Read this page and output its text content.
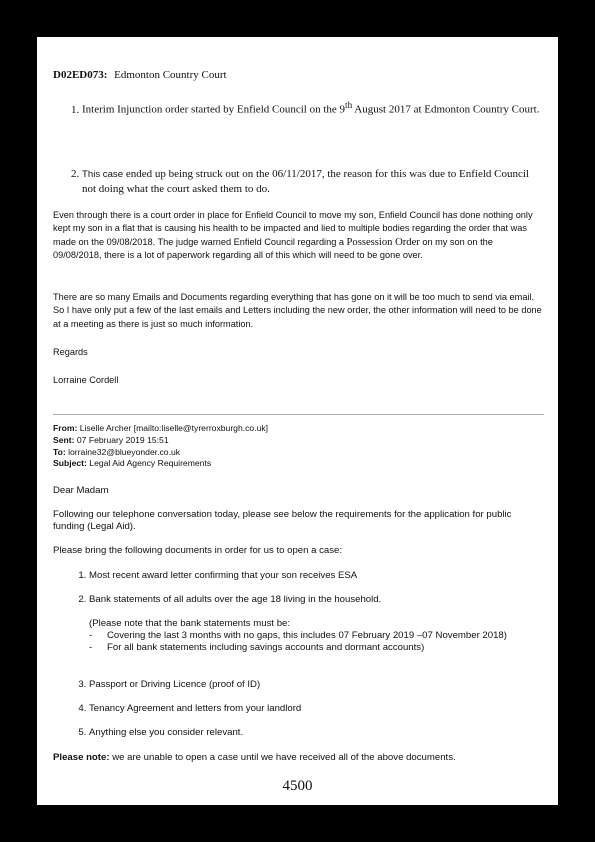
D02ED073: Edmonton Country Court
1. Interim Injunction order started by Enfield Council on the 9th August 2017 at Edmonton Country Court.
2. This case ended up being struck out on the 06/11/2017, the reason for this was due to Enfield Council not doing what the court asked them to do.
Even through there is a court order in place for Enfield Council to move my son, Enfield Council has done nothing only kept my son in a flat that is causing his health to be impacted and lied to multiple bodies regarding the order that was made on the 09/08/2018. The judge warned Enfield Council regarding a Possession Order on my son on the 09/08/2018, there is a lot of paperwork regarding all of this which will need to be gone over.
There are so many Emails and Documents regarding everything that has gone on it will be too much to send via email. So I have only put a few of the last emails and Letters including the new order, the other information will need to be done at a meeting as there is just so much information.
Regards
Lorraine Cordell
From: Liselle Archer [mailto:liselle@tyrerroxburgh.co.uk]
Sent: 07 February 2019 15:51
To: lorraine32@blueyonder.co.uk
Subject: Legal Aid Agency Requirements
Dear Madam
Following our telephone conversation today, please see below the requirements for the application for public funding (Legal Aid).
Please bring the following documents in order for us to open a case:
1. Most recent award letter confirming that your son receives ESA
2. Bank statements of all adults over the age 18 living in the household.
(Please note that the bank statements must be:
-	Covering the last 3 months with no gaps, this includes 07 February 2019 –07 November 2018)
-	For all bank statements including savings accounts and dormant accounts)
3. Passport or Driving Licence (proof of ID)
4. Tenancy Agreement and letters from your landlord
5. Anything else you consider relevant.
Please note: we are unable to open a case until we have received all of the above documents.
4500
